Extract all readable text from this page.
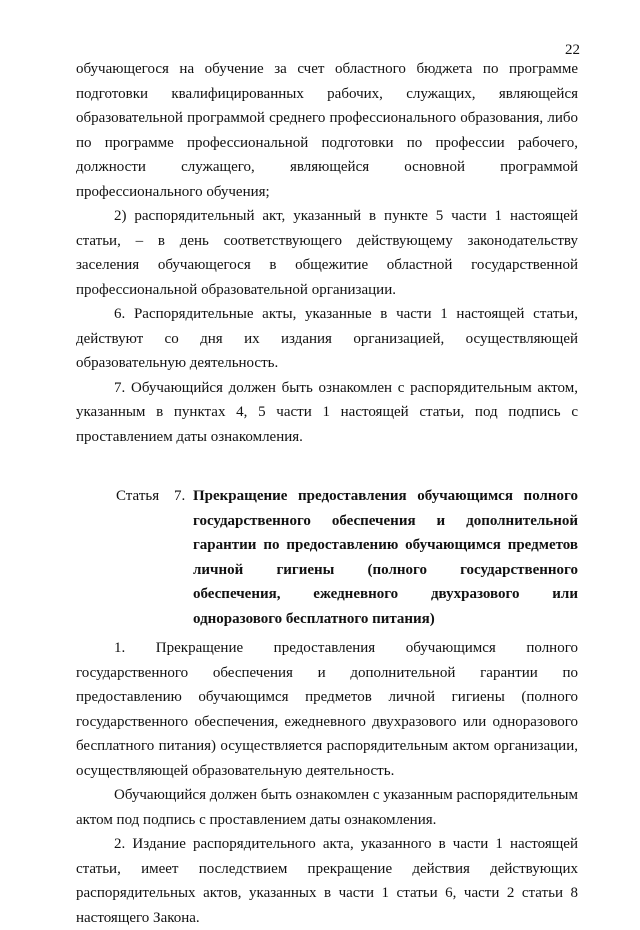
22

обучающегося на обучение за счет областного бюджета по программе подготовки квалифицированных рабочих, служащих, являющейся образовательной программой среднего профессионального образования, либо по программе профессиональной подготовки по профессии рабочего, должности служащего, являющейся основной программой профессионального обучения;

2) распорядительный акт, указанный в пункте 5 части 1 настоящей статьи, – в день соответствующего действующему законодательству заселения обучающегося в общежитие областной государственной профессиональной образовательной организации.

6. Распорядительные акты, указанные в части 1 настоящей статьи, действуют со дня их издания организацией, осуществляющей образовательную деятельность.

7. Обучающийся должен быть ознакомлен с распорядительным актом, указанным в пунктах 4, 5 части 1 настоящей статьи, под подпись с проставлением даты ознакомления.

Статья 7. Прекращение предоставления обучающимся полного государственного обеспечения и дополнительной гарантии по предоставлению обучающимся предметов личной гигиены (полного государственного обеспечения, ежедневного двухразового или одноразового бесплатного питания)

1. Прекращение предоставления обучающимся полного государственного обеспечения и дополнительной гарантии по предоставлению обучающимся предметов личной гигиены (полного государственного обеспечения, ежедневного двухразового или одноразового бесплатного питания) осуществляется распорядительным актом организации, осуществляющей образовательную деятельность.

Обучающийся должен быть ознакомлен с указанным распорядительным актом под подпись с проставлением даты ознакомления.

2. Издание распорядительного акта, указанного в части 1 настоящей статьи, имеет последствием прекращение действия действующих распорядительных актов, указанных в части 1 статьи 6, части 2 статьи 8 настоящего Закона.
